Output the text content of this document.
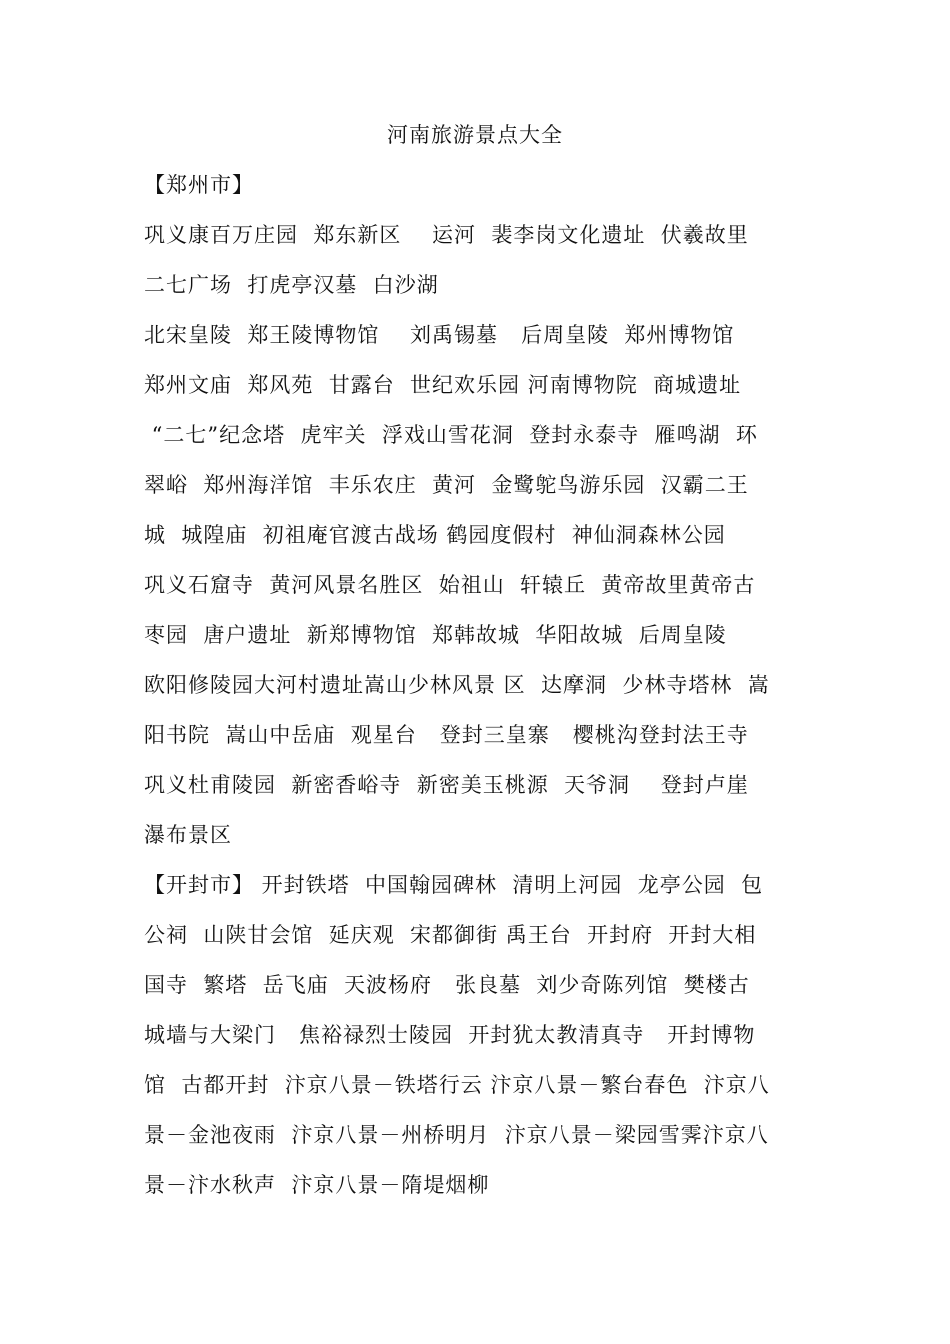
河南旅游景点大全
【郑州市】
巩义康百万庄园  郑东新区    运河  裴李岗文化遗址  伏羲故里
二七广场  打虎亭汉墓  白沙湖
北宋皇陵  郑王陵博物馆    刘禹锡墓   后周皇陵  郑州博物馆
郑州文庙  郑风苑  甘露台  世纪欢乐园 河南博物院  商城遗址
“二七”纪念塔  虎牢关  浮戏山雪花洞  登封永泰寺  雁鸣湖  环
翠峪  郑州海洋馆  丰乐农庄  黄河  金鹭鸵鸟游乐园  汉霸二王
城  城隍庙  初祖庵官渡古战场 鹤园度假村  神仙洞森林公园
巩义石窟寺  黄河风景名胜区  始祖山  轩辕丘  黄帝故里黄帝古
枣园  唐户遗址  新郑博物馆  郑韩故城  华阳故城  后周皇陵
欧阳修陵园大河村遗址嵩山少林风景 区  达摩洞  少林寺塔林  嵩
阳书院  嵩山中岳庙  观星台   登封三皇寨   樱桃沟登封法王寺
巩义杜甫陵园  新密香峪寺  新密美玉桃源  天爷洞    登封卢崖
瀑布景区
【开封市】 开封铁塔  中国翰园碑林  清明上河园  龙亭公园  包
公祠  山陕甘会馆  延庆观  宋都御街 禹王台  开封府  开封大相
国寺  繁塔  岳飞庙  天波杨府   张良墓  刘少奇陈列馆  樊楼古
城墙与大梁门   焦裕禄烈士陵园  开封犹太教清真寺   开封博物
馆  古都开封  汴京八景－铁塔行云 汴京八景－繁台春色  汴京八
景－金池夜雨  汴京八景－州桥明月  汴京八景－梁园雪霁汴京八
景－汴水秋声  汴京八景－隋堤烟柳
